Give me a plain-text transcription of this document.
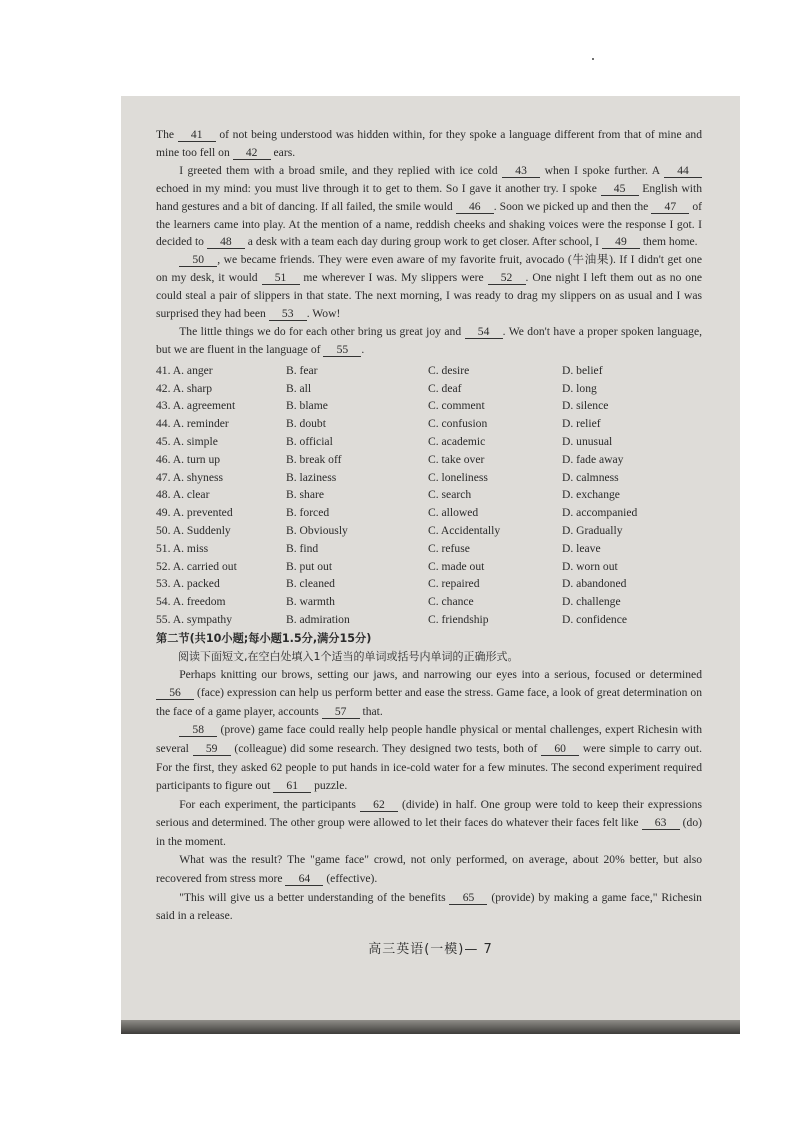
The 41 of not being understood was hidden within, for they spoke a language different from that of mine and mine too fell on 42 ears.

I greeted them with a broad smile, and they replied with ice cold 43 when I spoke further. A 44 echoed in my mind: you must live through it to get to them. So I gave it another try. I spoke 45 English with hand gestures and a bit of dancing. If all failed, the smile would 46 . Soon we picked up and then the 47 of the learners came into play. At the mention of a name, reddish cheeks and shaking voices were the response I got. I decided to 48 a desk with a team each day during group work to get closer. After school, I 49 them home.

50 , we became friends. They were even aware of my favorite fruit, avocado (牛油果). If I didn't get one on my desk, it would 51 me wherever I was. My slippers were 52 . One night I left them out as no one could steal a pair of slippers in that state. The next morning, I was ready to drag my slippers on as usual and I was surprised they had been 53 . Wow!

The little things we do for each other bring us great joy and 54 . We don't have a proper spoken language, but we are fluent in the language of 55 .

41. A. anger	B. fear	C. desire	D. belief
42. A. sharp	B. all	C. deaf	D. long
43. A. agreement	B. blame	C. comment	D. silence
44. A. reminder	B. doubt	C. confusion	D. relief
45. A. simple	B. official	C. academic	D. unusual
46. A. turn up	B. break off	C. take over	D. fade away
47. A. shyness	B. laziness	C. loneliness	D. calmness
48. A. clear	B. share	C. search	D. exchange
49. A. prevented	B. forced	C. allowed	D. accompanied
50. A. Suddenly	B. Obviously	C. Accidentally	D. Gradually
51. A. miss	B. find	C. refuse	D. leave
52. A. carried out	B. put out	C. made out	D. worn out
53. A. packed	B. cleaned	C. repaired	D. abandoned
54. A. freedom	B. warmth	C. chance	D. challenge
55. A. sympathy	B. admiration	C. friendship	D. confidence
第二节(共10小题;每小题1.5分,满分15分)
阅读下面短文,在空白处填入1个适当的单词或括号内单词的正确形式。

Perhaps knitting our brows, setting our jaws, and narrowing our eyes into a serious, focused or determined 56 (face) expression can help us perform better and ease the stress. Game face, a look of great determination on the face of a game player, accounts 57 that.

58 (prove) game face could really help people handle physical or mental challenges, expert Richesin with several 59 (colleague) did some research. They designed two tests, both of 60 were simple to carry out. For the first, they asked 62 people to put hands in ice-cold water for a few minutes. The second experiment required participants to figure out 61 puzzle.

For each experiment, the participants 62 (divide) in half. One group were told to keep their expressions serious and determined. The other group were allowed to let their faces do whatever their faces felt like 63 (do) in the moment.

What was the result? The "game face" crowd, not only performed, on average, about 20% better, but also recovered from stress more 64 (effective).

"This will give us a better understanding of the benefits 65 (provide) by making a game face," Richesin said in a release.

高三英语(一模)— 7
